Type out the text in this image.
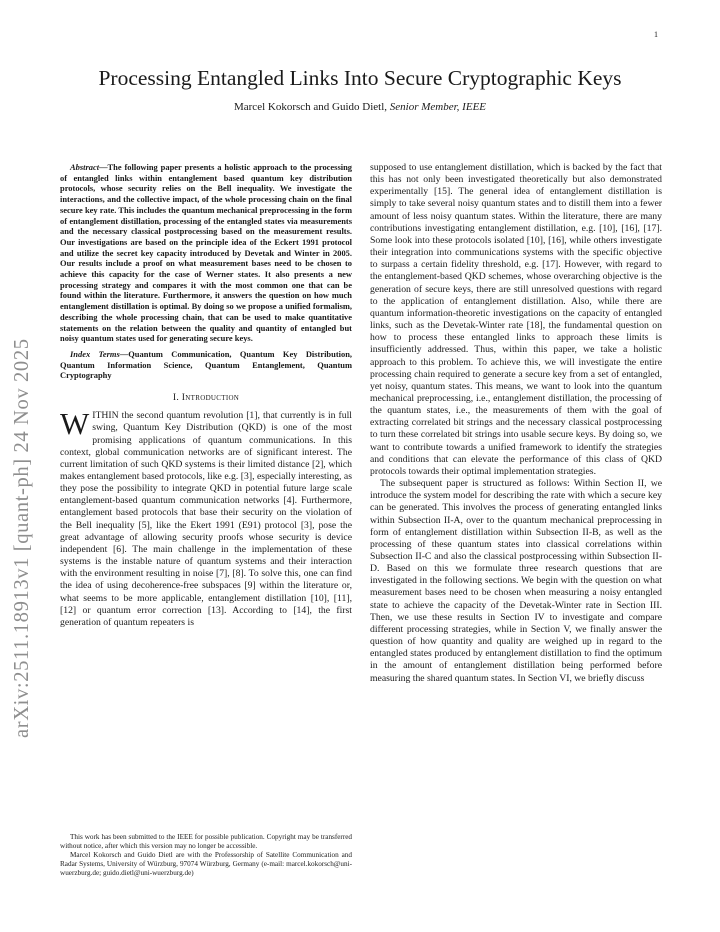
1
arXiv:2511.18913v1 [quant-ph] 24 Nov 2025
Processing Entangled Links Into Secure Cryptographic Keys
Marcel Kokorsch and Guido Dietl, Senior Member, IEEE

Abstract—The following paper presents a holistic approach to the processing of entangled links within entanglement based quantum key distribution protocols, whose security relies on the Bell inequality. We investigate the interactions, and the collective impact, of the whole processing chain on the final secure key rate. This includes the quantum mechanical preprocessing in the form of entanglement distillation, processing of the entangled states via measurements and the necessary classical postprocessing based on the measurement results. Our investigations are based on the principle idea of the Eckert 1991 protocol and utilize the secret key capacity introduced by Devetak and Winter in 2005. Our results include a proof on what measurement bases need to be chosen to achieve this capacity for the case of Werner states. It also presents a new processing strategy and compares it with the most common one that can be found within the literature. Furthermore, it answers the question on how much entanglement distillation is optimal. By doing so we propose a unified formalism, describing the whole processing chain, that can be used to make quantitative statements on the relation between the quality and quantity of entangled but noisy quantum states used for generating secure keys.

Index Terms—Quantum Communication, Quantum Key Distribution, Quantum Information Science, Quantum Entanglement, Quantum Cryptography

I. Introduction

WITHIN the second quantum revolution [1], that currently is in full swing, Quantum Key Distribution (QKD) is one of the most promising applications of quantum communications. In this context, global communication networks are of significant interest. The current limitation of such QKD systems is their limited distance [2], which makes entanglement based protocols, like e.g. [3], especially interesting, as they pose the possibility to integrate QKD in potential future large scale entanglement-based quantum communication networks [4]. Furthermore, entanglement based protocols that base their security on the violation of the Bell inequality [5], like the Ekert 1991 (E91) protocol [3], pose the great advantage of allowing security proofs whose security is device independent [6]. The main challenge in the implementation of these systems is the instable nature of quantum systems and their interaction with the environment resulting in noise [7], [8]. To solve this, one can find the idea of using decoherence-free subspaces [9] within the literature or, what seems to be more applicable, entanglement distillation [10], [11], [12] or quantum error correction [13]. According to [14], the first generation of quantum repeaters is

This work has been submitted to the IEEE for possible publication. Copyright may be transferred without notice, after which this version may no longer be accessible.

Marcel Kokorsch and Guido Dietl are with the Professorship of Satellite Communication and Radar Systems, University of Würzburg, 97074 Würzburg, Germany (e-mail: marcel.kokorsch@uni-wuerzburg.de; guido.dietl@uni-wuerzburg.de)

supposed to use entanglement distillation, which is backed by the fact that this has not only been investigated theoretically but also demonstrated experimentally [15]. The general idea of entanglement distillation is simply to take several noisy quantum states and to distill them into a fewer amount of less noisy quantum states. Within the literature, there are many contributions investigating entanglement distillation, e.g. [10], [16], [17]. Some look into these protocols isolated [10], [16], while others investigate their integration into communications systems with the specific objective to surpass a certain fidelity threshold, e.g. [17]. However, with regard to the entanglement-based QKD schemes, whose overarching objective is the generation of secure keys, there are still unresolved questions with regard to the application of entanglement distillation. Also, while there are quantum information-theoretic investigations on the capacity of entangled links, such as the Devetak-Winter rate [18], the fundamental question on how to process these entangled links to approach these limits is insufficiently addressed. Thus, within this paper, we take a holistic approach to this problem. To achieve this, we will investigate the entire processing chain required to generate a secure key from a set of entangled, yet noisy, quantum states. This means, we want to look into the quantum mechanical preprocessing, i.e., entanglement distillation, the processing of the quantum states, i.e., the measurements of them with the goal of extracting correlated bit strings and the necessary classical postprocessing to turn these correlated bit strings into usable secure keys. By doing so, we want to contribute towards a unified framework to identify the strategies and conditions that can elevate the performance of this class of QKD protocols towards their optimal implementation strategies.

The subsequent paper is structured as follows: Within Section II, we introduce the system model for describing the rate with which a secure key can be generated. This involves the process of generating entangled links within Subsection II-A, over to the quantum mechanical preprocessing in form of entanglement distillation within Subsection II-B, as well as the processing of these quantum states into classical correlations within Subsection II-C and also the classical postprocessing within Subsection II-D. Based on this we formulate three research questions that are investigated in the following sections. We begin with the question on what measurement bases need to be chosen when measuring a noisy entangled state to achieve the capacity of the Devetak-Winter rate in Section III. Then, we use these results in Section IV to investigate and compare different processing strategies, while in Section V, we finally answer the question of how quantity and quality are weighed up in regard to the entangled states produced by entanglement distillation to find the optimum in the amount of entanglement distillation being performed before measuring the shared quantum states. In Section VI, we briefly discuss
